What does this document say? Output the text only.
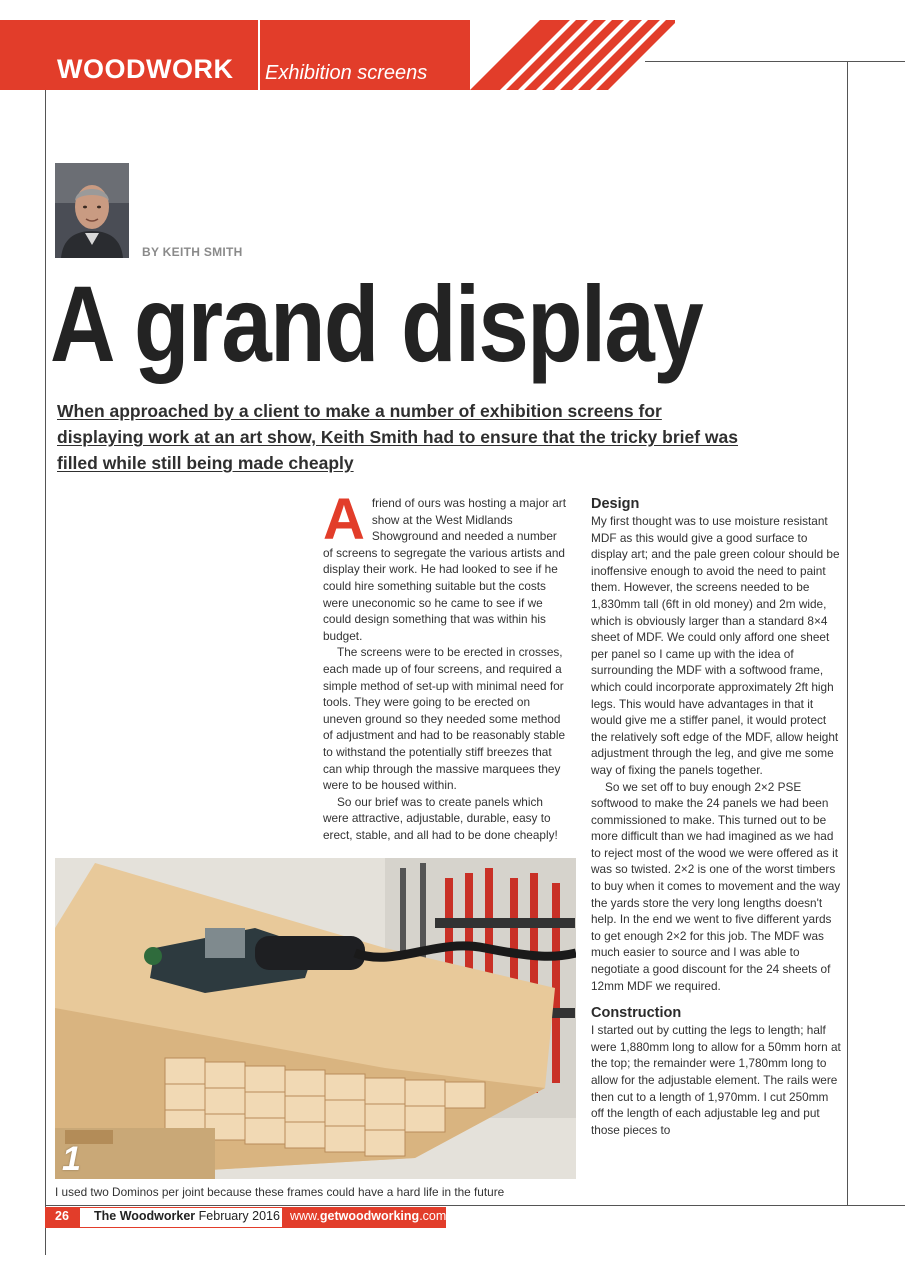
WOODWORK Exhibition screens
BY KEITH SMITH
A grand display
When approached by a client to make a number of exhibition screens for displaying work at an art show, Keith Smith had to ensure that the tricky brief was filled while still being made cheaply

Afriend of ours was hosting a major art show at the West Midlands Showground and needed a number of screens to segregate the various artists and display their work. He had looked to see if he could hire something suitable but the costs were uneconomic so he came to see if we could design something that was within his budget.

The screens were to be erected in crosses, each made up of four screens, and required a simple method of set-up with minimal need for tools. They were going to be erected on uneven ground so they needed some method of adjustment and had to be reasonably stable to withstand the potentially stiff breezes that can whip through the massive marquees they were to be housed within.

So our brief was to create panels which were attractive, adjustable, durable, easy to erect, stable, and all had to be done cheaply!

Design

My first thought was to use moisture resistant MDF as this would give a good surface to display art; and the pale green colour should be inoffensive enough to avoid the need to paint them. However, the screens needed to be 1,830mm tall (6ft in old money) and 2m wide, which is obviously larger than a standard 8×4 sheet of MDF. We could only afford one sheet per panel so I came up with the idea of surrounding the MDF with a softwood frame, which could incorporate approximately 2ft high legs. This would have advantages in that it would give me a stiffer panel, it would protect the relatively soft edge of the MDF, allow height adjustment through the leg, and give me some way of fixing the panels together.

So we set off to buy enough 2×2 PSE softwood to make the 24 panels we had been commissioned to make. This turned out to be more difficult than we had imagined as we had to reject most of the wood we were offered as it was so twisted. 2×2 is one of the worst timbers to buy when it comes to movement and the way the yards store the very long lengths doesn't help. In the end we went to five different yards to get enough 2×2 for this job. The MDF was much easier to source and I was able to negotiate a good discount for the 24 sheets of 12mm MDF we required.

Construction

I started out by cutting the legs to length; half were 1,880mm long to allow for a 50mm horn at the top; the remainder were 1,780mm long to allow for the adjustable element. The rails were then cut to a length of 1,970mm. I cut 250mm off the length of each adjustable leg and put those pieces to

1
I used two Dominos per joint because these frames could have a hard life in the future
26 The Woodworker February 2016 www.getwoodworking.com
